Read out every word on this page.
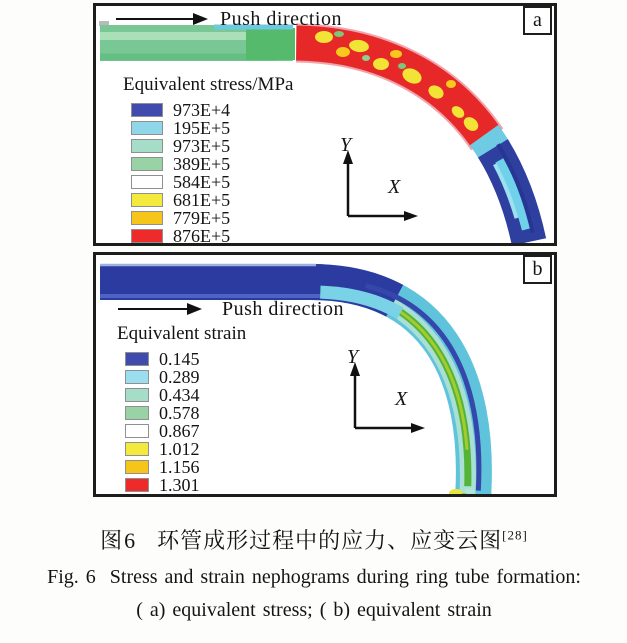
Push direction
Equivalent stress/MPa
973E+4
195E+5
973E+5
389E+5
584E+5
681E+5
779E+5
876E+5
Y
X
a
Push direction
Equivalent strain
0.145
0.289
0.434
0.578
0.867
1.012
1.156
1.301
Y
X
b
图6 环管成形过程中的应力、应变云图[28]
Fig. 6 Stress and strain nephograms during ring tube formation:
( a) equivalent stress; ( b) equivalent strain
